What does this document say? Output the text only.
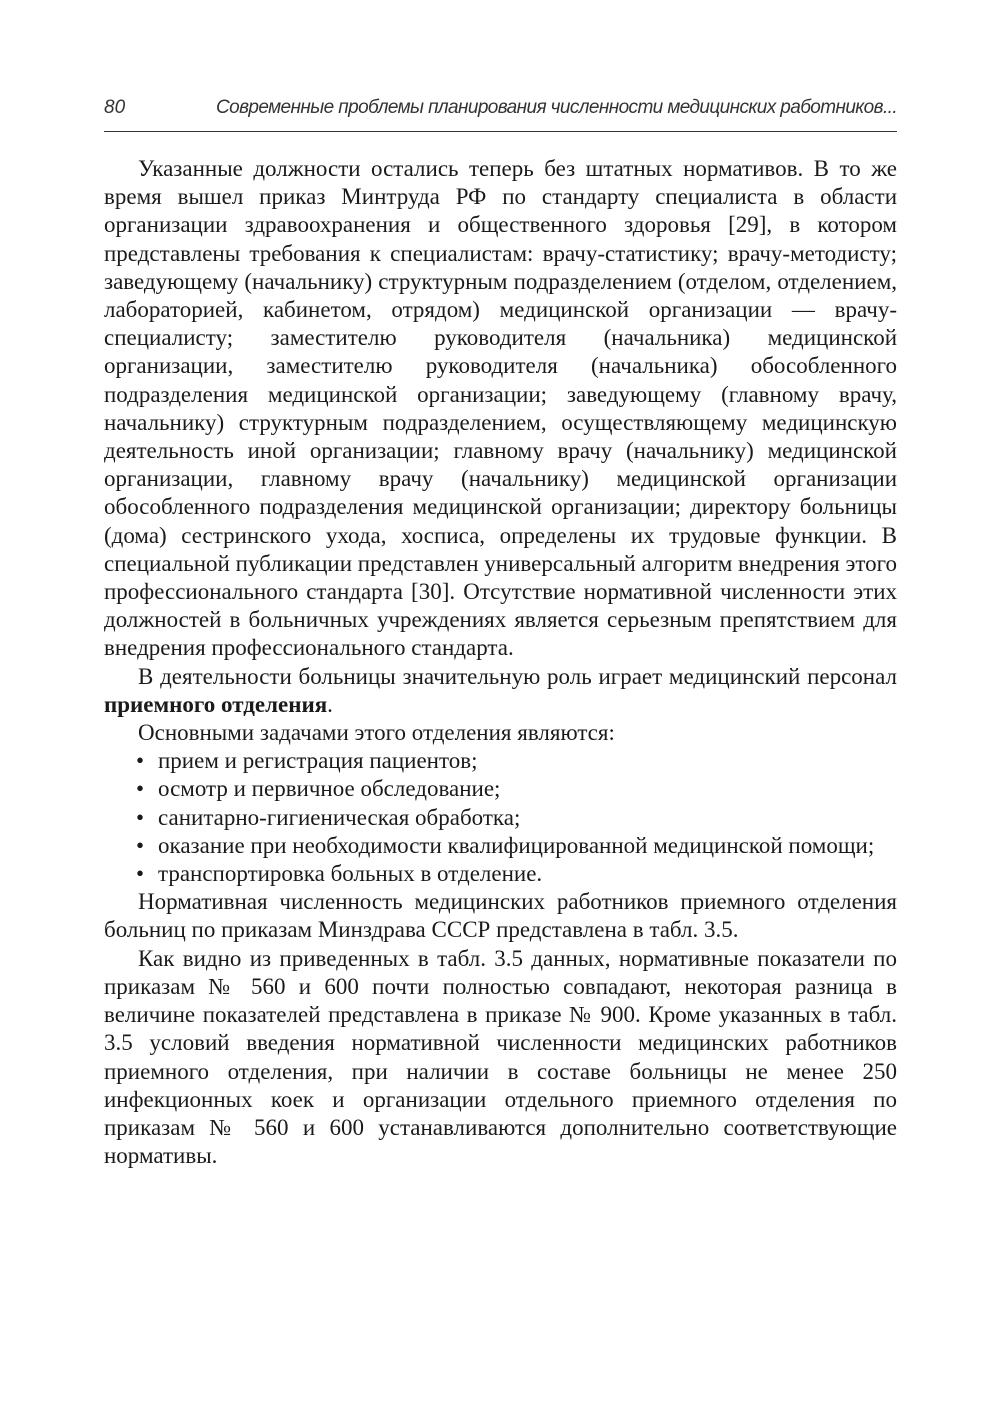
80	Современные проблемы планирования численности медицинских работников...

Указанные должности остались теперь без штатных нормативов. В то же время вышел приказ Минтруда РФ по стандарту специалиста в области организации здравоохранения и общественного здоровья [29], в котором представлены требования к специалистам: врачу-статистику; врачу-методисту; заведующему (начальнику) структурным подразделением (отделом, отделением, лабораторией, кабинетом, отрядом) медицинской организации — врачу-специалисту; заместителю руководителя (начальника) медицинской организации, заместителю руководителя (начальника) обособленного подразделения медицинской организации; заведующему (главному врачу, начальнику) структурным подразделением, осуществляющему медицинскую деятельность иной организации; главному врачу (начальнику) медицинской организации, главному врачу (начальнику) медицинской организации обособленного подразделения медицинской организации; директору больницы (дома) сестринского ухода, хосписа, определены их трудовые функции. В специальной публикации представлен универсальный алгоритм внедрения этого профессионального стандарта [30]. Отсутствие нормативной численности этих должностей в больничных учреждениях является серьезным препятствием для внедрения профессионального стандарта.

В деятельности больницы значительную роль играет медицинский персонал приемного отделения.

Основными задачами этого отделения являются:

• прием и регистрация пациентов;
• осмотр и первичное обследование;
• санитарно-гигиеническая обработка;
• оказание при необходимости квалифицированной медицинской помощи;
• транспортировка больных в отделение.

Нормативная численность медицинских работников приемного отделения больниц по приказам Минздрава СССР представлена в табл. 3.5.

Как видно из приведенных в табл. 3.5 данных, нормативные показатели по приказам № 560 и 600 почти полностью совпадают, некоторая разница в величине показателей представлена в приказе № 900. Кроме указанных в табл. 3.5 условий введения нормативной численности медицинских работников приемного отделения, при наличии в составе больницы не менее 250 инфекционных коек и организации отдельного приемного отделения по приказам № 560 и 600 устанавливаются дополнительно соответствующие нормативы.
